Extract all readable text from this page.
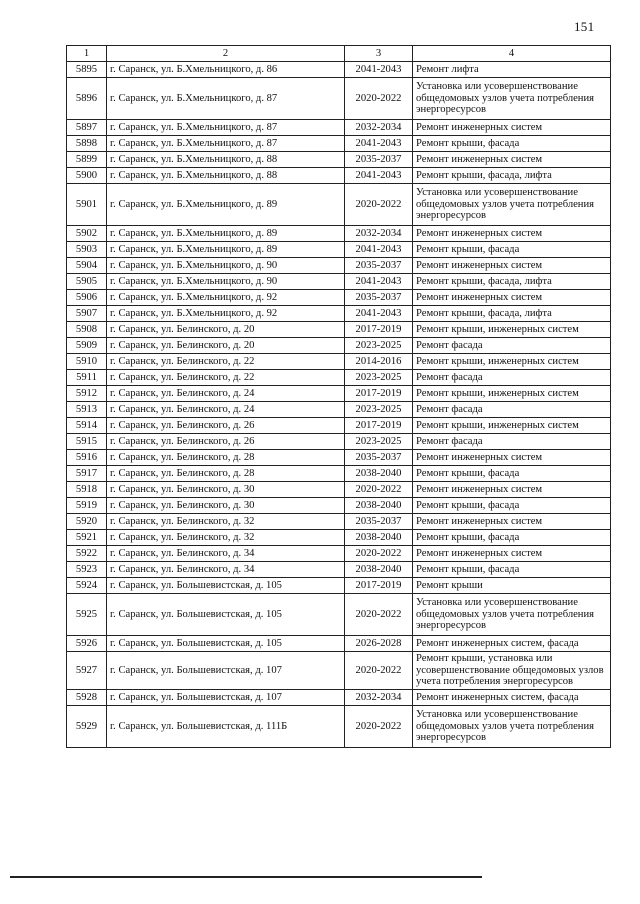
151
1	2	3	4
5895	г. Саранск, ул. Б.Хмельницкого, д. 86	2041-2043	Ремонт лифта
5896	г. Саранск, ул. Б.Хмельницкого, д. 87	2020-2022	Установка или усовершенствование общедомовых узлов учета потребления энергоресурсов
5897	г. Саранск, ул. Б.Хмельницкого, д. 87	2032-2034	Ремонт инженерных систем
5898	г. Саранск, ул. Б.Хмельницкого, д. 87	2041-2043	Ремонт крыши, фасада
5899	г. Саранск, ул. Б.Хмельницкого, д. 88	2035-2037	Ремонт инженерных систем
5900	г. Саранск, ул. Б.Хмельницкого, д. 88	2041-2043	Ремонт крыши, фасада, лифта
5901	г. Саранск, ул. Б.Хмельницкого, д. 89	2020-2022	Установка или усовершенствование общедомовых узлов учета потребления энергоресурсов
5902	г. Саранск, ул. Б.Хмельницкого, д. 89	2032-2034	Ремонт инженерных систем
5903	г. Саранск, ул. Б.Хмельницкого, д. 89	2041-2043	Ремонт крыши, фасада
5904	г. Саранск, ул. Б.Хмельницкого, д. 90	2035-2037	Ремонт инженерных систем
5905	г. Саранск, ул. Б.Хмельницкого, д. 90	2041-2043	Ремонт крыши, фасада, лифта
5906	г. Саранск, ул. Б.Хмельницкого, д. 92	2035-2037	Ремонт инженерных систем
5907	г. Саранск, ул. Б.Хмельницкого, д. 92	2041-2043	Ремонт крыши, фасада, лифта
5908	г. Саранск, ул. Белинского, д. 20	2017-2019	Ремонт крыши, инженерных систем
5909	г. Саранск, ул. Белинского, д. 20	2023-2025	Ремонт фасада
5910	г. Саранск, ул. Белинского, д. 22	2014-2016	Ремонт крыши, инженерных систем
5911	г. Саранск, ул. Белинского, д. 22	2023-2025	Ремонт фасада
5912	г. Саранск, ул. Белинского, д. 24	2017-2019	Ремонт крыши, инженерных систем
5913	г. Саранск, ул. Белинского, д. 24	2023-2025	Ремонт фасада
5914	г. Саранск, ул. Белинского, д. 26	2017-2019	Ремонт крыши, инженерных систем
5915	г. Саранск, ул. Белинского, д. 26	2023-2025	Ремонт фасада
5916	г. Саранск, ул. Белинского, д. 28	2035-2037	Ремонт инженерных систем
5917	г. Саранск, ул. Белинского, д. 28	2038-2040	Ремонт крыши, фасада
5918	г. Саранск, ул. Белинского, д. 30	2020-2022	Ремонт инженерных систем
5919	г. Саранск, ул. Белинского, д. 30	2038-2040	Ремонт крыши, фасада
5920	г. Саранск, ул. Белинского, д. 32	2035-2037	Ремонт инженерных систем
5921	г. Саранск, ул. Белинского, д. 32	2038-2040	Ремонт крыши, фасада
5922	г. Саранск, ул. Белинского, д. 34	2020-2022	Ремонт инженерных систем
5923	г. Саранск, ул. Белинского, д. 34	2038-2040	Ремонт крыши, фасада
5924	г. Саранск, ул. Большевистская, д. 105	2017-2019	Ремонт крыши
5925	г. Саранск, ул. Большевистская, д. 105	2020-2022	Установка или усовершенствование общедомовых узлов учета потребления энергоресурсов
5926	г. Саранск, ул. Большевистская, д. 105	2026-2028	Ремонт инженерных систем, фасада
5927	г. Саранск, ул. Большевистская, д. 107	2020-2022	Ремонт крыши, установка или усовершенствование общедомовых узлов учета потребления энергоресурсов
5928	г. Саранск, ул. Большевистская, д. 107	2032-2034	Ремонт инженерных систем, фасада
5929	г. Саранск, ул. Большевистская, д. 111Б	2020-2022	Установка или усовершенствование общедомовых узлов учета потребления энергоресурсов
